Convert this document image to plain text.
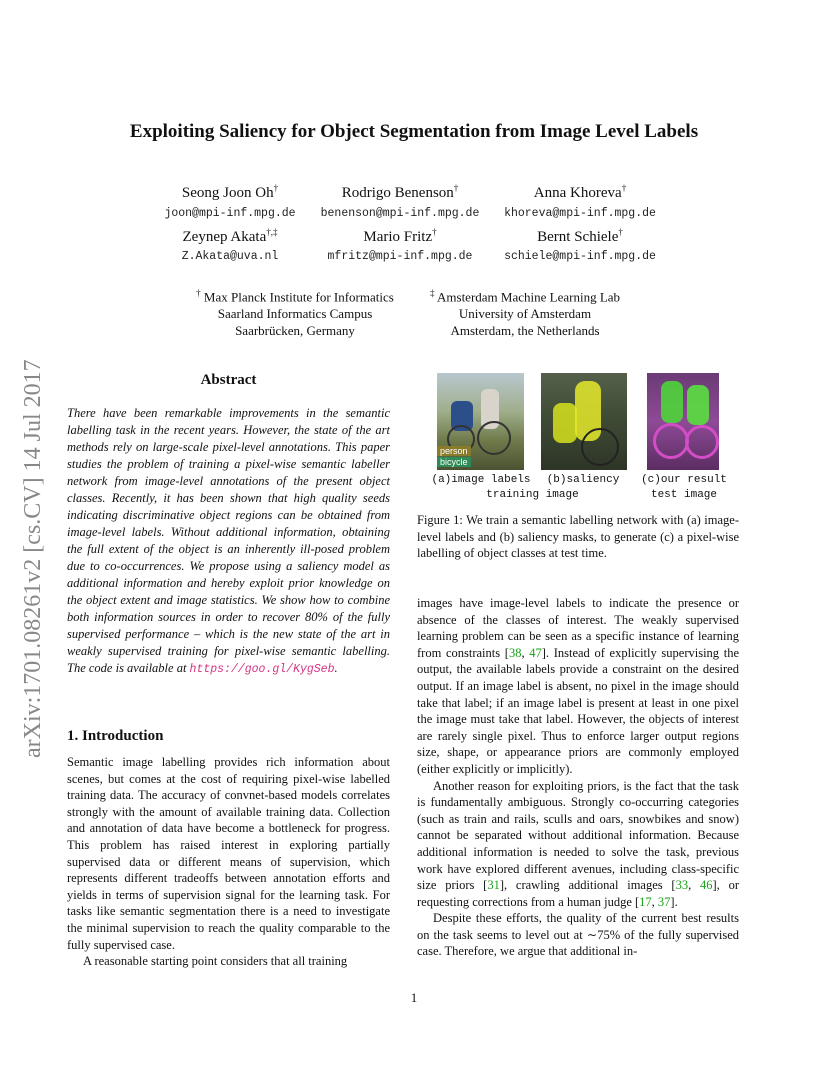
arXiv:1701.08261v2 [cs.CV] 14 Jul 2017
Exploiting Saliency for Object Segmentation from Image Level Labels
Seong Joon Oh†	Rodrigo Benenson†	Anna Khoreva†
joon@mpi-inf.mpg.de	benenson@mpi-inf.mpg.de	khoreva@mpi-inf.mpg.de
Zeynep Akata†,‡	Mario Fritz†	Bernt Schiele†
Z.Akata@uva.nl	mfritz@mpi-inf.mpg.de	schiele@mpi-inf.mpg.de
† Max Planck Institute for Informatics
Saarland Informatics Campus
Saarbrücken, Germany
‡ Amsterdam Machine Learning Lab
University of Amsterdam
Amsterdam, the Netherlands
Abstract
There have been remarkable improvements in the semantic labelling task in the recent years. However, the state of the art methods rely on large-scale pixel-level annotations. This paper studies the problem of training a pixel-wise semantic labeller network from image-level annotations of the present object classes. Recently, it has been shown that high quality seeds indicating discriminative object regions can be obtained from image-level labels. Without additional information, obtaining the full extent of the object is an inherently ill-posed problem due to co-occurrences. We propose using a saliency model as additional information and hereby exploit prior knowledge on the object extent and image statistics. We show how to combine both information sources in order to recover 80% of the fully supervised performance – which is the new state of the art in weakly supervised training for pixel-wise semantic labelling. The code is available at https://goo.gl/KygSeb.
person
bicycle
(a)image labels	(b)saliency	(c)our result
training image	test image
Figure 1: We train a semantic labelling network with (a) image-level labels and (b) saliency masks, to generate (c) a pixel-wise labelling of object classes at test time.
1. Introduction

Semantic image labelling provides rich information about scenes, but comes at the cost of requiring pixel-wise labelled training data. The accuracy of convnet-based models correlates strongly with the amount of available training data. Collection and annotation of data have become a bottleneck for progress. This problem has raised interest in exploring partially supervised data or different means of supervision, which represents different tradeoffs between annotation efforts and yields in terms of supervision signal for the learning task. For tasks like semantic segmentation there is a need to investigate the minimal supervision to reach the quality comparable to the fully supervised case.

A reasonable starting point considers that all training

images have image-level labels to indicate the presence or absence of the classes of interest. The weakly supervised learning problem can be seen as a specific instance of learning from constraints [38, 47]. Instead of explicitly supervising the output, the available labels provide a constraint on the desired output. If an image label is absent, no pixel in the image should take that label; if an image label is present at least in one pixel the image must take that label. However, the objects of interest are rarely single pixel. Thus to enforce larger output regions size, shape, or appearance priors are commonly employed (either explicitly or implicitly).

Another reason for exploiting priors, is the fact that the task is fundamentally ambiguous. Strongly co-occurring categories (such as train and rails, sculls and oars, snowbikes and snow) cannot be separated without additional information. Because additional information is needed to solve the task, previous work have explored different avenues, including class-specific size priors [31], crawling additional images [33, 46], or requesting corrections from a human judge [17, 37].

Despite these efforts, the quality of the current best results on the task seems to level out at ∼75% of the fully supervised case. Therefore, we argue that additional in-

1
